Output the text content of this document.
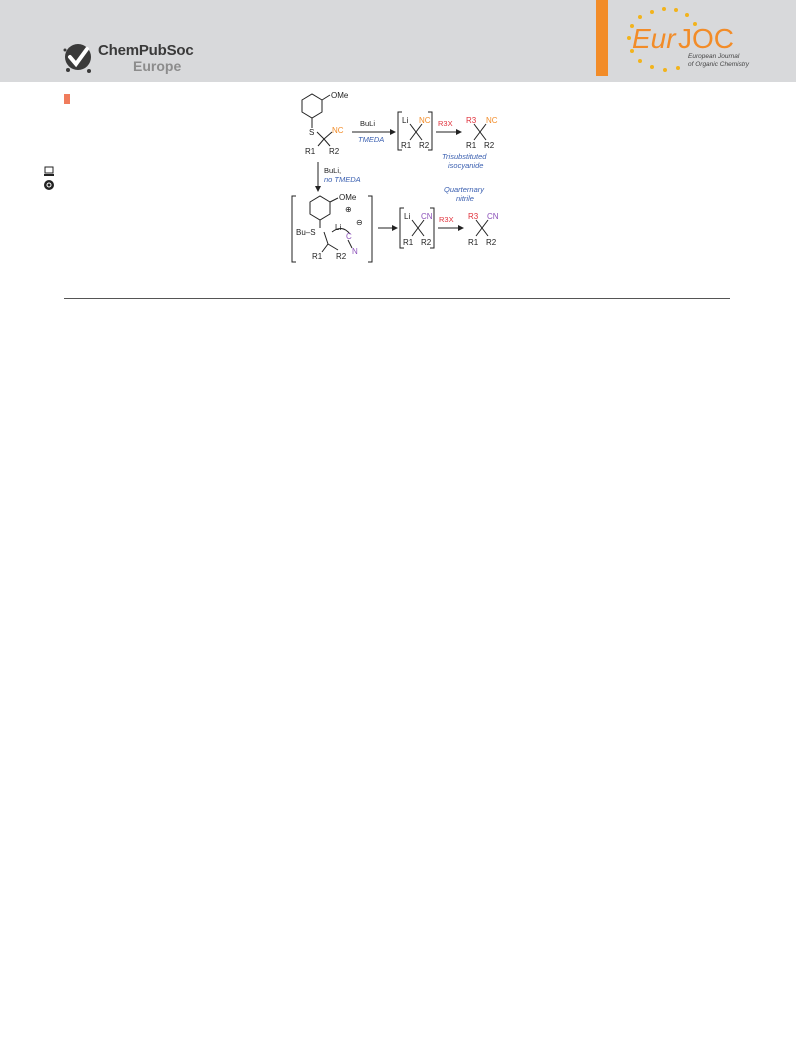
ChemPubSoc
Europe
Eur JOC
European Journal
of Organic Chemistry
OMe
S NC
R1 R2
BuLi
TMEDA
Li NC
R1 R2
R3X R3 NC
R1 R2
Trisubstituted
isocyanide
BuLi,
no TMEDA
OMe
⊕
⊖
Li
Bu–S	C
N
R1 R2
Li CN
R1 R2
Quarternary
nitrile
R3X R3 CN
R1 R2
